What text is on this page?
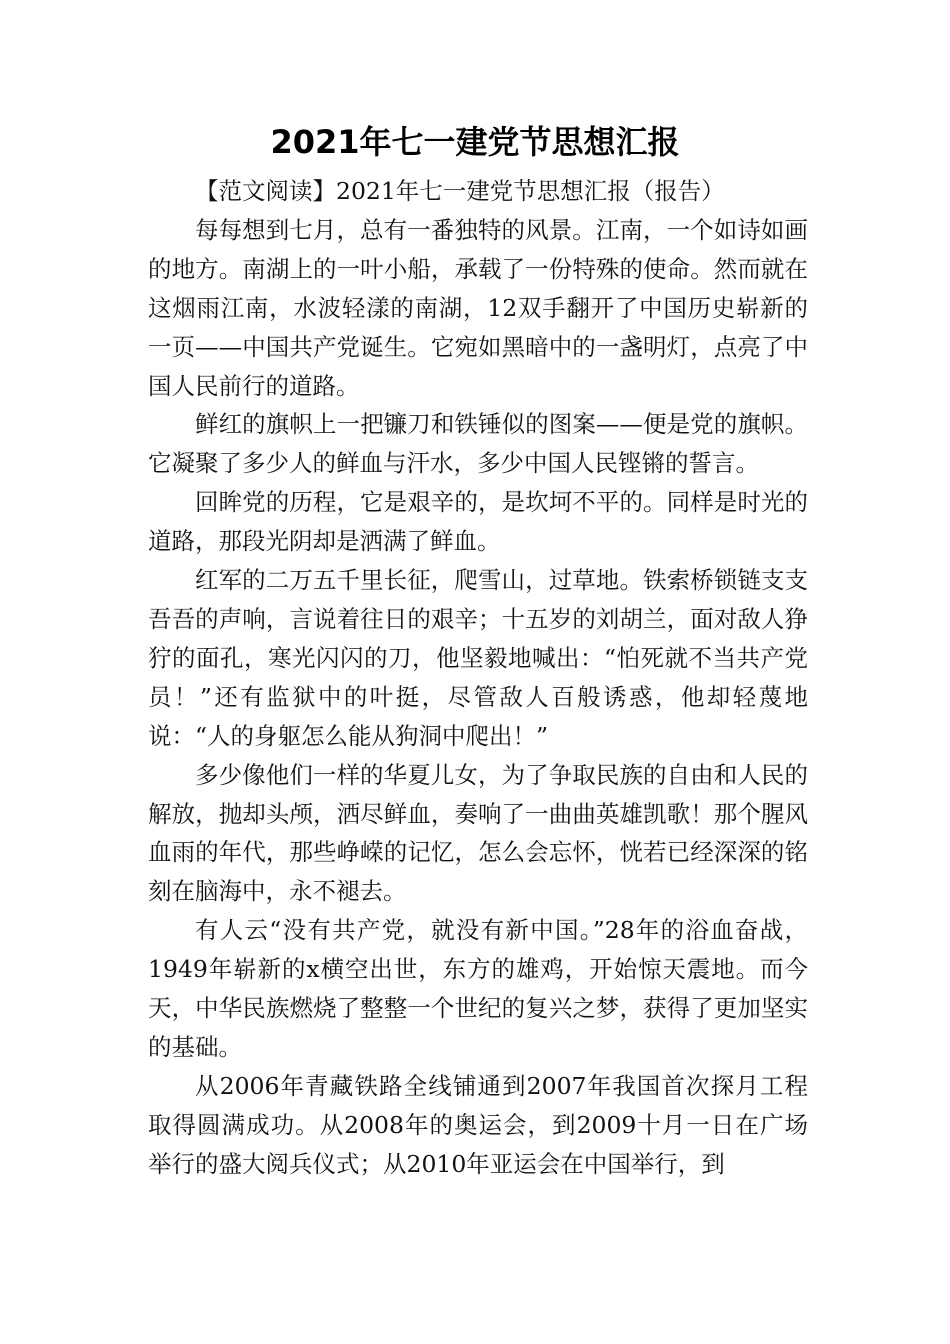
2021年七一建党节思想汇报

【范文阅读】2021年七一建党节思想汇报（报告）

每每想到七月，总有一番独特的风景。江南，一个如诗如画的地方。南湖上的一叶小船，承载了一份特殊的使命。然而就在这烟雨江南，水波轻漾的南湖，12双手翻开了中国历史崭新的一页——中国共产党诞生。它宛如黑暗中的一盏明灯，点亮了中国人民前行的道路。

鲜红的旗帜上一把镰刀和铁锤似的图案——便是党的旗帜。它凝聚了多少人的鲜血与汗水，多少中国人民铿锵的誓言。

回眸党的历程，它是艰辛的，是坎坷不平的。同样是时光的道路，那段光阴却是洒满了鲜血。

红军的二万五千里长征，爬雪山，过草地。铁索桥锁链支支吾吾的声响，言说着往日的艰辛；十五岁的刘胡兰，面对敌人狰狞的面孔，寒光闪闪的刀，他坚毅地喊出：“怕死就不当共产党员！”还有监狱中的叶挺，尽管敌人百般诱惑，他却轻蔑地说：“人的身躯怎么能从狗洞中爬出！”

多少像他们一样的华夏儿女，为了争取民族的自由和人民的解放，抛却头颅，洒尽鲜血，奏响了一曲曲英雄凯歌！那个腥风血雨的年代，那些峥嵘的记忆，怎么会忘怀，恍若已经深深的铭刻在脑海中，永不褪去。

有人云“没有共产党，就没有新中国。”28年的浴血奋战，1949年崭新的x横空出世，东方的雄鸡，开始惊天震地。而今天，中华民族燃烧了整整一个世纪的复兴之梦，获得了更加坚实的基础。

从2006年青藏铁路全线铺通到2007年我国首次探月工程取得圆满成功。从2008年的奥运会，到2009十月一日在广场举行的盛大阅兵仪式；从2010年亚运会在中国举行，到
